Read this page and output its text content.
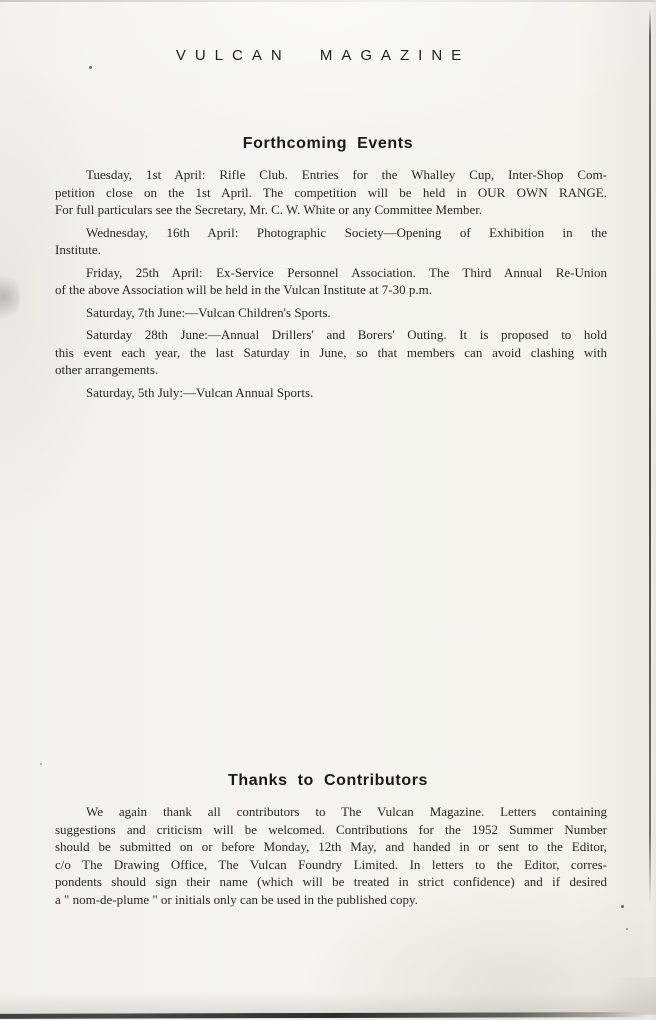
VULCAN MAGAZINE
Forthcoming Events
Tuesday, 1st April: Rifle Club. Entries for the Whalley Cup, Inter-Shop Com-
petition close on the 1st April. The competition will be held in OUR OWN RANGE.
For full particulars see the Secretary, Mr. C. W. White or any Committee Member.
Wednesday, 16th April: Photographic Society—Opening of Exhibition in the
Institute.
Friday, 25th April: Ex-Service Personnel Association. The Third Annual Re-Union
of the above Association will be held in the Vulcan Institute at 7-30 p.m.
Saturday, 7th June:—Vulcan Children's Sports.
Saturday 28th June:—Annual Drillers' and Borers' Outing. It is proposed to hold
this event each year, the last Saturday in June, so that members can avoid clashing with
other arrangements.
Saturday, 5th July:—Vulcan Annual Sports.
Thanks to Contributors
We again thank all contributors to The Vulcan Magazine. Letters containing
suggestions and criticism will be welcomed. Contributions for the 1952 Summer Number
should be submitted on or before Monday, 12th May, and handed in or sent to the Editor,
c/o The Drawing Office, The Vulcan Foundry Limited. In letters to the Editor, corres-
pondents should sign their name (which will be treated in strict confidence) and if desired
a " nom-de-plume " or initials only can be used in the published copy.
